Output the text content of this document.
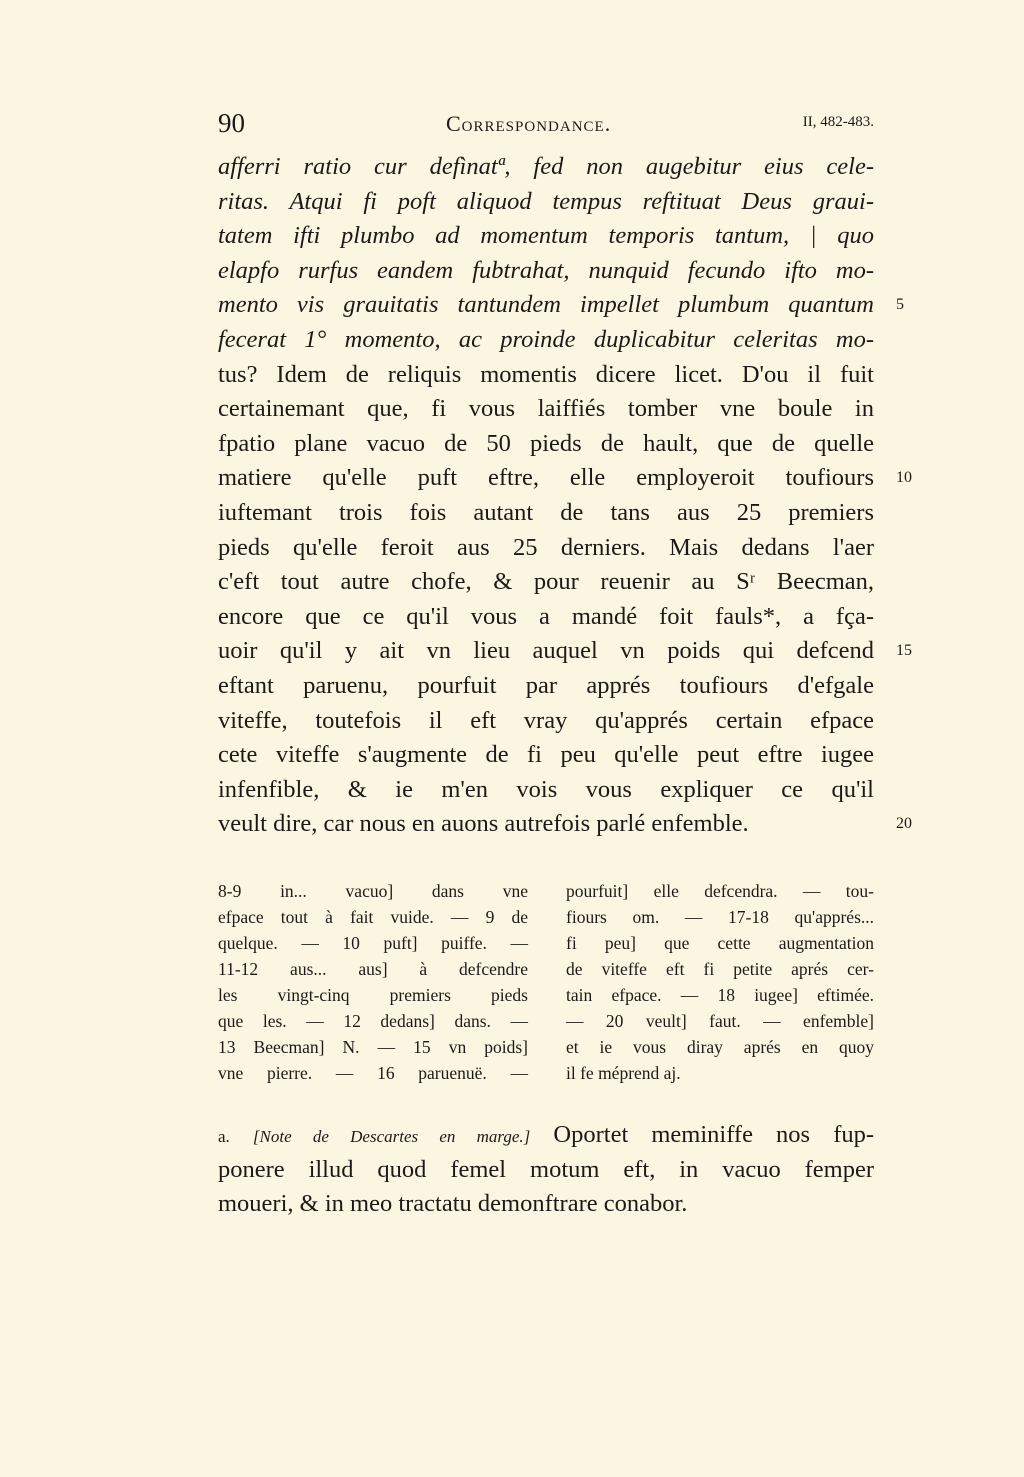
90	Correspondance.	II, 482-483.
afferri ratio cur defìnatª, fed non augebitur eius cele-
ritas. Atqui fi poft aliquod tempus reftituat Deus graui-
tatem ifti plumbo ad momentum temporis tantum, | quo
elapfo rurfus eandem fubtrahat, nunquid fecundo ifto mo-
mento vis grauitatis tantundem impellet plumbum quantum
fecerat 1° momento, ac proinde duplicabitur celeritas mo-
tus? Idem de reliquis momentis dicere licet. D'ou il fuit
certainemant que, fi vous laiffiés tomber vne boule in
fpatio plane vacuo de 50 pieds de hault, que de quelle
matiere qu'elle puft eftre, elle employeroit toufiours
iuftemant trois fois autant de tans aus 25 premiers
pieds qu'elle feroit aus 25 derniers. Mais dedans l'aer
c'eft tout autre chofe, & pour reuenir au Sʳ Beecman,
encore que ce qu'il vous a mandé foit fauls*, a fça-
uoir qu'il y ait vn lieu auquel vn poids qui defcend
eftant paruenu, pourfuit par apprés toufiours d'efgale
viteffe, toutefois il eft vray qu'apprés certain efpace
cete viteffe s'augmente de fi peu qu'elle peut eftre iugee
infenfible, & ie m'en vois vous expliquer ce qu'il
veult dire, car nous en auons autrefois parlé enfemble.
5
10
15
20
8-9 in... vacuo] dans vne
efpace tout à fait vuide. — 9 de
quelque. — 10 puft] puiffe. —
11-12 aus... aus] à defcendre
les vingt-cinq premiers pieds
que les. — 12 dedans] dans. —
13 Beecman] N. — 15 vn poids]
vne pierre. — 16 paruenuë. —
pourfuit] elle defcendra. — tou-
fiours om. — 17-18 qu'apprés...
fi peu] que cette augmentation
de viteffe eft fi petite aprés cer-
tain efpace. — 18 iugee] eftimée.
— 20 veult] faut. — enfemble]
et ie vous diray aprés en quoy
il fe méprend aj.
a. [Note de Descartes en marge.] Oportet meminiffe nos fup-
ponere illud quod femel motum eft, in vacuo femper
moueri, & in meo tractatu demonftrare conabor.
